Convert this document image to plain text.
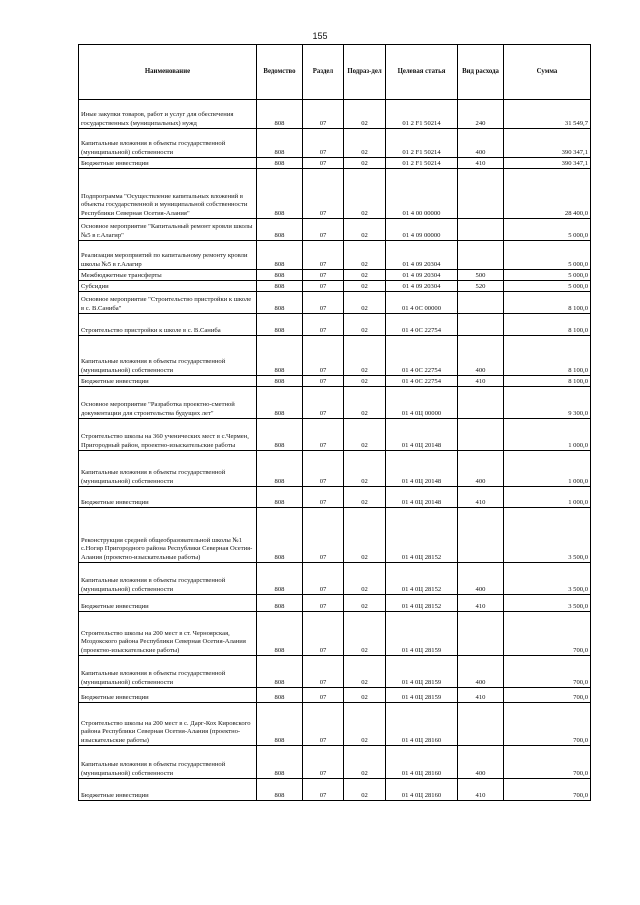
155
Наименование	Ведомство	Раздел	Подраз-дел	Целевая статья	Вид расхода	Сумма
Иные закупки товаров, работ и услуг для обеспечения государственных (муниципальных) нужд	808	07	02	01 2 F1 50214	240	31 549,7
Капитальные вложения в объекты государственной (муниципальной) собственности	808	07	02	01 2 F1 50214	400	390 347,1
Бюджетные инвестиции	808	07	02	01 2 F1 50214	410	390 347,1
Подпрограмма "Осуществление капитальных вложений в объекты государственной и муниципальной собственности Республики Северная Осетия-Алания"	808	07	02	01 4 00 00000		28 400,0
Основное мероприятие "Капитальный ремонт кровли школы №5 в г.Алагир"	808	07	02	01 4 09 00000		5 000,0
Реализация мероприятий по капитальному ремонту кровли школы №5 в г.Алагир	808	07	02	01 4 09 20304		5 000,0
Межбюджетные трансферты	808	07	02	01 4 09 20304	500	5 000,0
Субсидии	808	07	02	01 4 09 20304	520	5 000,0
Основное мероприятие "Строительство пристройки к школе в с. В.Саниба"	808	07	02	01 4 0С 00000		8 100,0
Строительство пристройки к школе в с. В.Саниба	808	07	02	01 4 0С 22754		8 100,0
Капитальные вложения в объекты государственной (муниципальной) собственности	808	07	02	01 4 0С 22754	400	8 100,0
Бюджетные инвестиции	808	07	02	01 4 0С 22754	410	8 100,0
Основное мероприятие "Разработка проектно-сметной документации для строительства будущих лет"	808	07	02	01 4 0Ц 00000		9 300,0
Строительство школы на 360 ученических мест в с.Чермен, Пригородный район, проектно-изыскательские работы	808	07	02	01 4 0Ц 20148		1 000,0
Капитальные вложения в объекты государственной (муниципальной) собственности	808	07	02	01 4 0Ц 20148	400	1 000,0
Бюджетные инвестиции	808	07	02	01 4 0Ц 20148	410	1 000,0
Реконструкция средней общеобразовательной школы №1 с.Ногир Пригородного района Республики Северная Осетия-Алания (проектно-изыскательные работы)	808	07	02	01 4 0Ц 28152		3 500,0
Капитальные вложения в объекты государственной (муниципальной) собственности	808	07	02	01 4 0Ц 28152	400	3 500,0
Бюджетные инвестиции	808	07	02	01 4 0Ц 28152	410	3 500,0
Строительство школы на 200 мест в ст. Черноярская, Моздокского района Республики Северная Осетия-Алания (проектно-изыскательские работы)	808	07	02	01 4 0Ц 28159		700,0
Капитальные вложения в объекты государственной (муниципальной) собственности	808	07	02	01 4 0Ц 28159	400	700,0
Бюджетные инвестиции	808	07	02	01 4 0Ц 28159	410	700,0
Строительство школы на 200 мест в с. Дарг-Кох Кировского района Республики Северная Осетия-Алания (проектно-изыскательские работы)	808	07	02	01 4 0Ц 28160		700,0
Капитальные вложения в объекты государственной (муниципальной) собственности	808	07	02	01 4 0Ц 28160	400	700,0
Бюджетные инвестиции	808	07	02	01 4 0Ц 28160	410	700,0
